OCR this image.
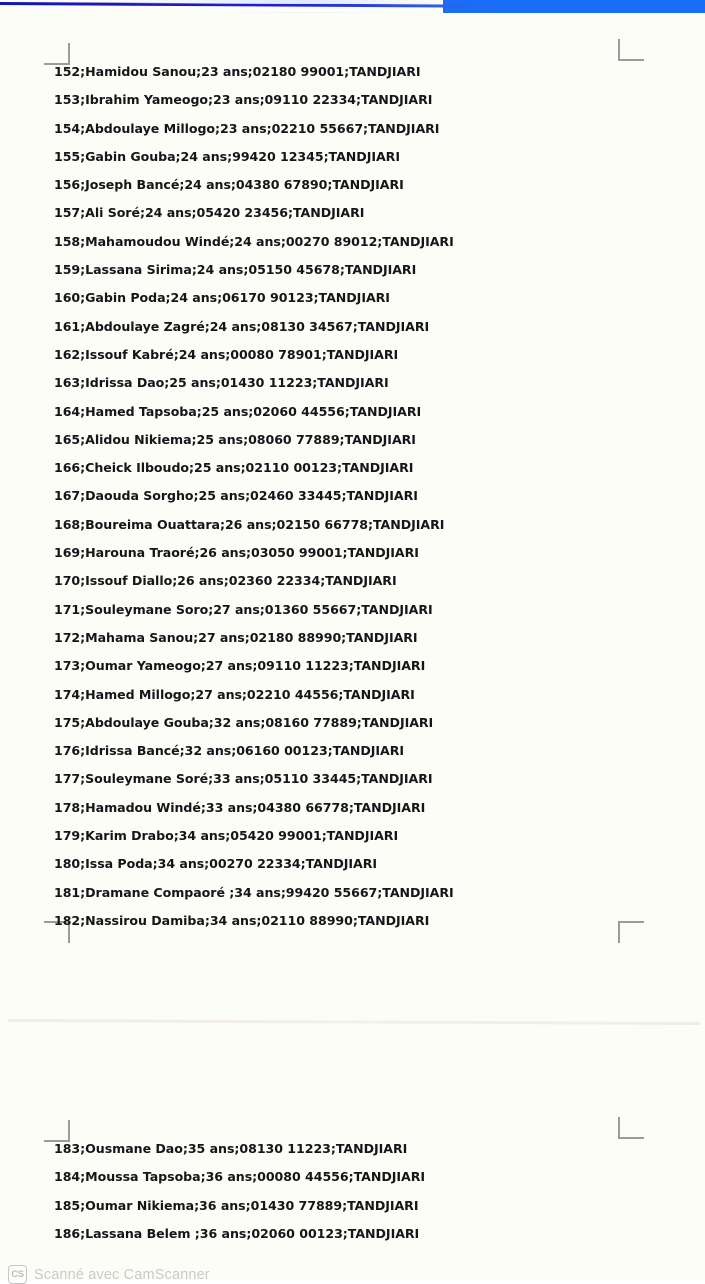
152;Hamidou Sanou;23 ans;02180 99001;TANDJIARI
153;Ibrahim Yameogo;23 ans;09110 22334;TANDJIARI
154;Abdoulaye Millogo;23 ans;02210 55667;TANDJIARI
155;Gabin Gouba;24 ans;99420 12345;TANDJIARI
156;Joseph Bancé;24 ans;04380 67890;TANDJIARI
157;Ali Soré;24 ans;05420 23456;TANDJIARI
158;Mahamoudou Windé;24 ans;00270 89012;TANDJIARI
159;Lassana Sirima;24 ans;05150 45678;TANDJIARI
160;Gabin Poda;24 ans;06170 90123;TANDJIARI
161;Abdoulaye Zagré;24 ans;08130 34567;TANDJIARI
162;Issouf Kabré;24 ans;00080 78901;TANDJIARI
163;Idrissa Dao;25 ans;01430 11223;TANDJIARI
164;Hamed Tapsoba;25 ans;02060 44556;TANDJIARI
165;Alidou Nikiema;25 ans;08060 77889;TANDJIARI
166;Cheick Ilboudo;25 ans;02110 00123;TANDJIARI
167;Daouda Sorgho;25 ans;02460 33445;TANDJIARI
168;Boureima Ouattara;26 ans;02150 66778;TANDJIARI
169;Harouna Traoré;26 ans;03050 99001;TANDJIARI
170;Issouf Diallo;26 ans;02360 22334;TANDJIARI
171;Souleymane Soro;27 ans;01360 55667;TANDJIARI
172;Mahama Sanou;27 ans;02180 88990;TANDJIARI
173;Oumar Yameogo;27 ans;09110 11223;TANDJIARI
174;Hamed Millogo;27 ans;02210 44556;TANDJIARI
175;Abdoulaye Gouba;32 ans;08160 77889;TANDJIARI
176;Idrissa Bancé;32 ans;06160 00123;TANDJIARI
177;Souleymane Soré;33 ans;05110 33445;TANDJIARI
178;Hamadou Windé;33 ans;04380 66778;TANDJIARI
179;Karim Drabo;34 ans;05420 99001;TANDJIARI
180;Issa Poda;34 ans;00270 22334;TANDJIARI
181;Dramane Compaoré ;34 ans;99420 55667;TANDJIARI
182;Nassirou Damiba;34 ans;02110 88990;TANDJIARI
183;Ousmane Dao;35 ans;08130 11223;TANDJIARI
184;Moussa Tapsoba;36 ans;00080 44556;TANDJIARI
185;Oumar Nikiema;36 ans;01430 77889;TANDJIARI
186;Lassana Belem ;36 ans;02060 00123;TANDJIARI
CS Scanné avec CamScanner
